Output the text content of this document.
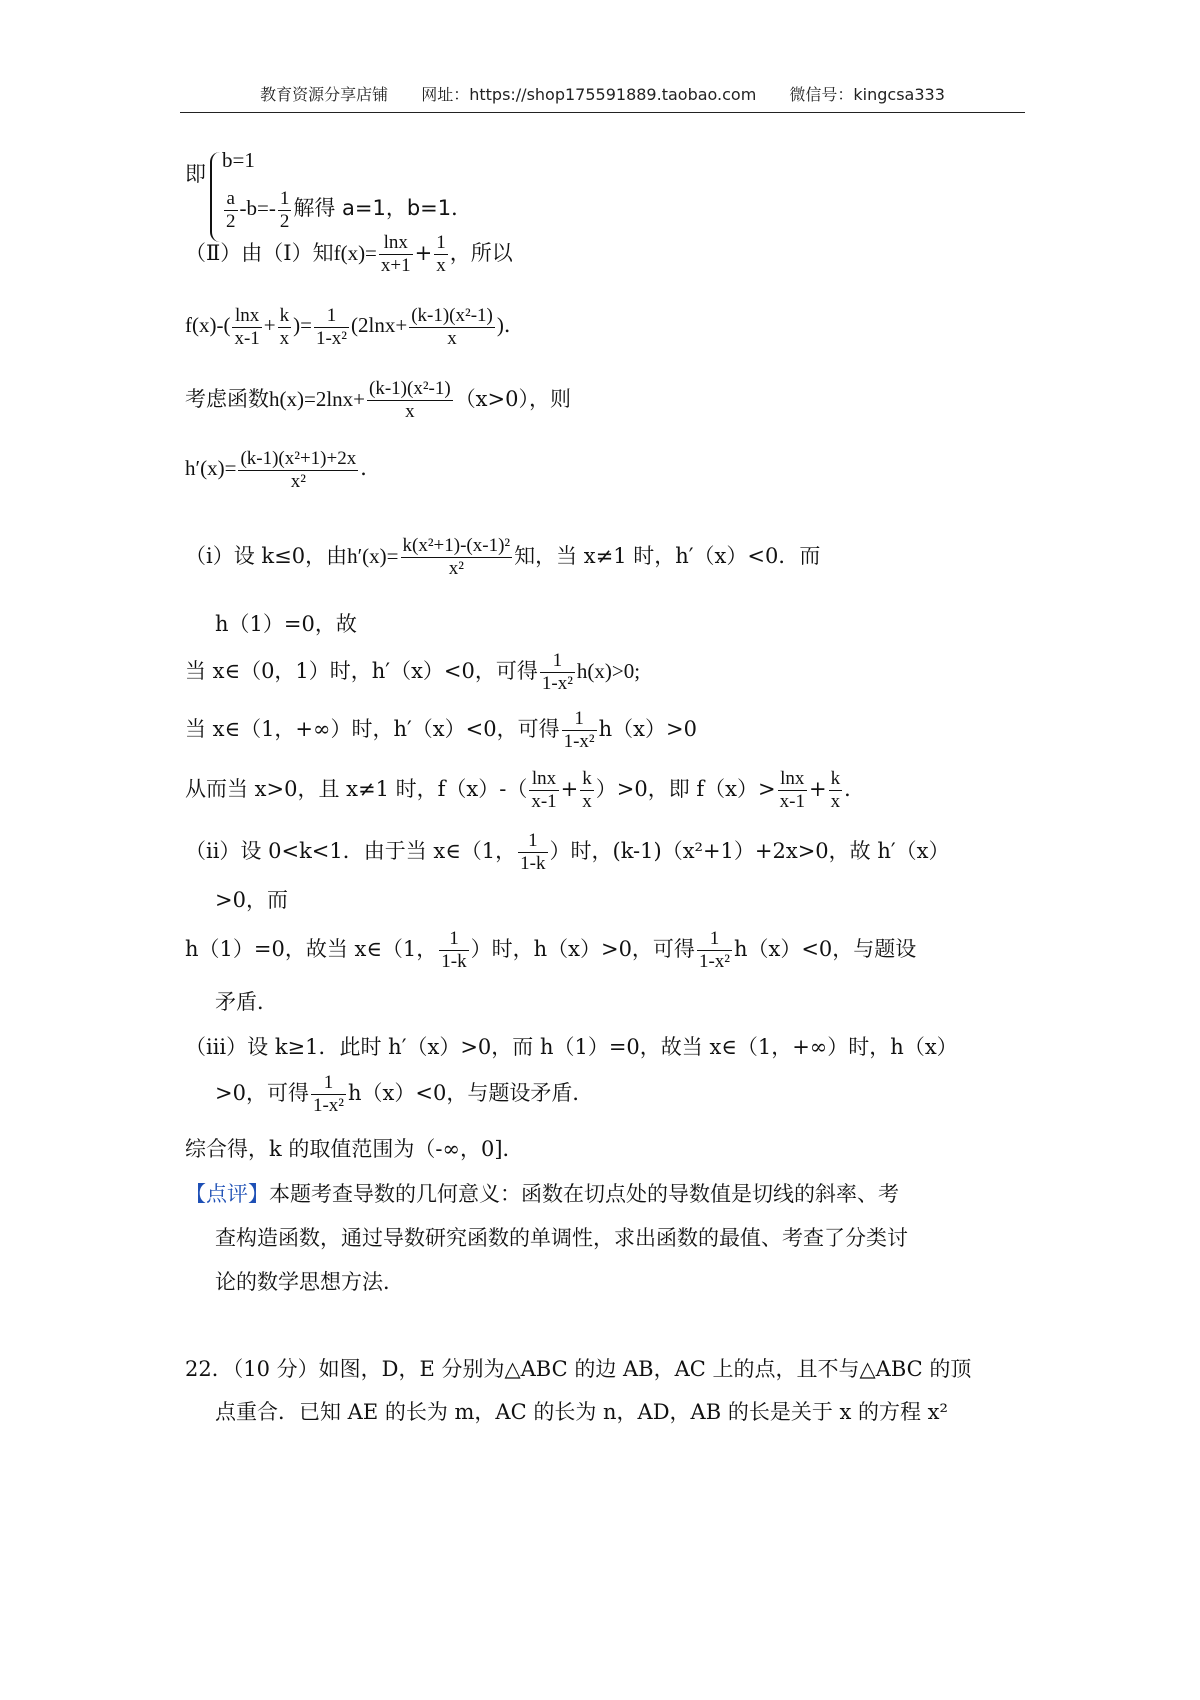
教育资源分享店铺 网址：https://shop175591889.taobao.com 微信号：kingcsa333
即
b=1
$\frac{a}{2} -b=- \frac{1}{2}$ 解得 a=1，b=1．
（Ⅱ）由（Ⅰ）知$f(x)= \frac{\ln x}{x+1} + \frac{1}{x}$ ，所以
$f(x)-( \frac{\ln x}{x-1} + \frac{k}{x}$ )= $\frac{1}{\text{1-x²}} (2\ln x+ \frac{\text{(k-1)(x²-1)}}{x}$ )．
考虑函数$h(x)=2\ln x+ \frac{\text{(k-1)(x²-1)}}{x} (x>0)$，则
$h'(x)= \frac{\text{(k-1)(x²+1)+2x}}{\text{x²}}$ ．
（i）设 k≤0，由$h'(x)= \frac{\text{k(x²+1)-(x-1)²}}{\text{x²}}$ 知，当 x≠1 时，h′（x）<0．而
h（1）=0，故
当 x∈（0，1）时，h′（x）<0，可得 $\frac{1}{\text{1-x²}} h(x)>0$;
当 x∈（1，+∞）时，h′（x）<0，可得 $\frac{1}{\text{1-x²}} h(x)>0$
从而当 x>0，且 x≠1 时，$f(x)-( \frac{\ln x}{x-1} + \frac{k}{x} )>0$，即 $f(x)> \frac{\ln x}{x-1} + \frac{k}{x}$ ．
（ii）设 0<k<1．由于当 x∈（1， $\frac{1}{1-k}$ ）时，(k-1)（x²+1）+2x>0，故 h′（x）
>0，而
h（1）=0，故当 x∈（1， $\frac{1}{1-k}$ ）时，h（x）>0，可得 $\frac{1}{\text{1-x²}} h(x)<0$，与题设
矛盾．
（iii）设 k≥1．此时 h′（x）>0，而 h（1）=0，故当 x∈（1，+∞）时，h（x）
>0，可得 $\frac{1}{\text{1-x²}} h(x)<0$，与题设矛盾．
综合得，k 的取值范围为（-∞，0]．
【点评】本题考查导数的几何意义：函数在切点处的导数值是切线的斜率、考
查构造函数，通过导数研究函数的单调性，求出函数的最值、考查了分类讨
论的数学思想方法．
22．（10 分）如图，D，E 分别为△ABC 的边 AB，AC 上的点，且不与△ABC 的顶
点重合．已知 AE 的长为 m，AC 的长为 n，AD，AB 的长是关于 x 的方程 x²
